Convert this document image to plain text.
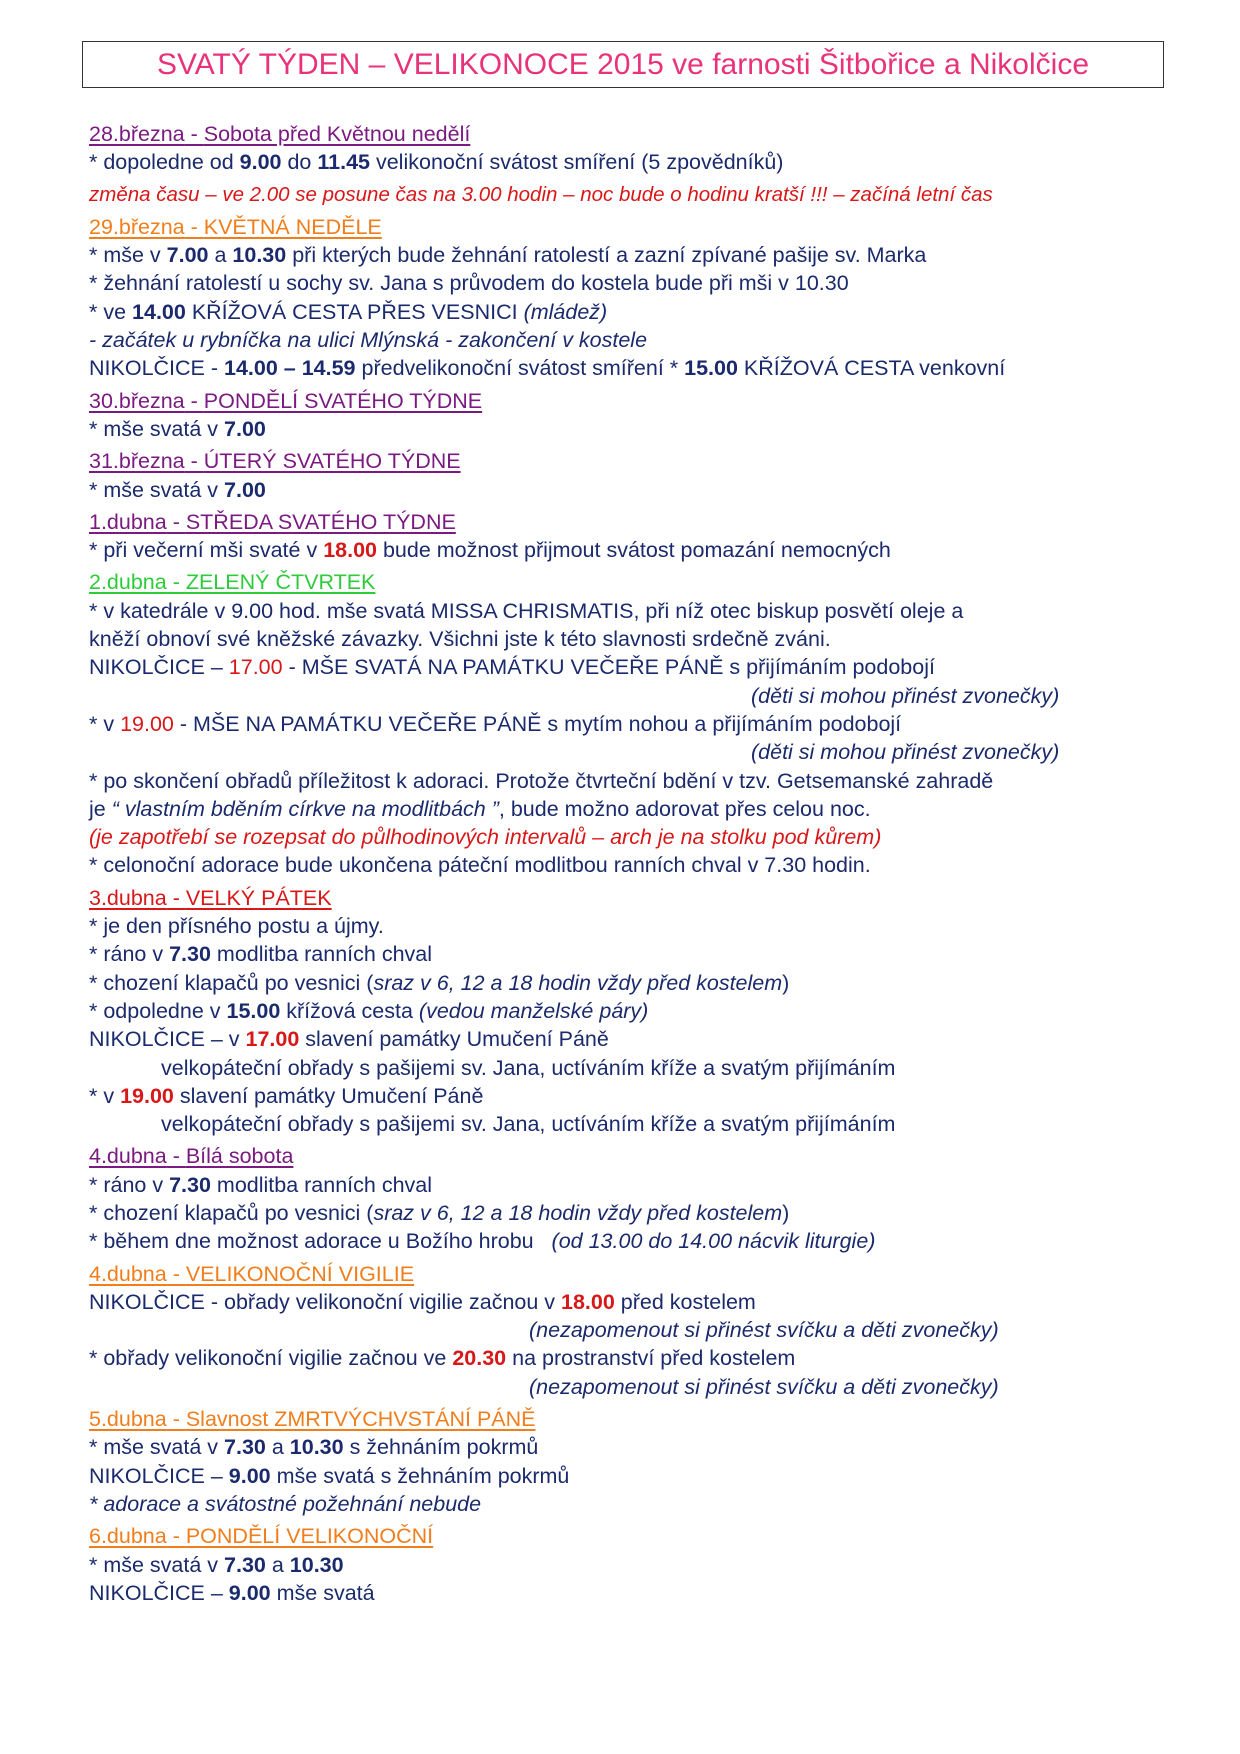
SVATÝ TÝDEN – VELIKONOCE 2015 ve farnosti Šitbořice a Nikolčice
28.března - Sobota před Květnou nedělí
* dopoledne od 9.00 do 11.45 velikonoční svátost smíření (5 zpovědníků)
změna času – ve 2.00 se posune čas na 3.00 hodin – noc bude o hodinu kratší !!! – začíná letní čas
29.března - KVĚTNÁ NEDĚLE
* mše v 7.00 a 10.30 při kterých bude žehnání ratolestí a zazní zpívané pašije sv. Marka
* žehnání ratolestí u sochy sv. Jana s průvodem do kostela bude při mši v 10.30
* ve 14.00 KŘÍŽOVÁ CESTA PŘES VESNICI (mládež)
- začátek u rybníčka na ulici Mlýnská - zakončení v kostele
NIKOLČICE - 14.00 – 14.59 předvelikonoční svátost smíření * 15.00 KŘÍŽOVÁ CESTA venkovní
30.března - PONDĚLÍ SVATÉHO TÝDNE
* mše svatá v 7.00
31.března - ÚTERÝ SVATÉHO TÝDNE
* mše svatá v 7.00
1.dubna - STŘEDA SVATÉHO TÝDNE
* při večerní mši svaté v 18.00 bude možnost přijmout svátost pomazání nemocných
2.dubna - ZELENÝ ČTVRTEK
* v katedrále v 9.00 hod. mše svatá MISSA CHRISMATIS, při níž otec biskup posvětí oleje a
kněží obnoví své kněžské závazky. Všichni jste k této slavnosti srdečně zváni.
NIKOLČICE – 17.00 - MŠE SVATÁ NA PAMÁTKU VEČEŘE PÁNĚ s přijímáním podobojí
(děti si mohou přinést zvonečky)
* v 19.00 - MŠE NA PAMÁTKU VEČEŘE PÁNĚ s mytím nohou a přijímáním podobojí
(děti si mohou přinést zvonečky)
* po skončení obřadů příležitost k adoraci. Protože čtvrteční bdění v tzv. Getsemanské zahradě
je “ vlastním bděním církve na modlitbách ”, bude možno adorovat přes celou noc.
(je zapotřebí se rozepsat do půlhodinových intervalů – arch je na stolku pod kůrem)
* celonoční adorace bude ukončena páteční modlitbou ranních chval v 7.30 hodin.
3.dubna - VELKÝ PÁTEK
* je den přísného postu a újmy.
* ráno v 7.30 modlitba ranních chval
* chození klapačů po vesnici (sraz v 6, 12 a 18 hodin vždy před kostelem)
* odpoledne v 15.00 křížová cesta (vedou manželské páry)
NIKOLČICE – v 17.00 slavení památky Umučení Páně
velkopáteční obřady s pašijemi sv. Jana, uctíváním kříže a svatým přijímáním
* v 19.00 slavení památky Umučení Páně
velkopáteční obřady s pašijemi sv. Jana, uctíváním kříže a svatým přijímáním
4.dubna - Bílá sobota
* ráno v 7.30 modlitba ranních chval
* chození klapačů po vesnici (sraz v 6, 12 a 18 hodin vždy před kostelem)
* během dne možnost adorace u Božího hrobu   (od 13.00 do 14.00 nácvik liturgie)
4.dubna - VELIKONOČNÍ VIGILIE
NIKOLČICE - obřady velikonoční vigilie začnou v 18.00 před kostelem
(nezapomenout si přinést svíčku a děti zvonečky)
* obřady velikonoční vigilie začnou ve 20.30 na prostranství před kostelem
(nezapomenout si přinést svíčku a děti zvonečky)
5.dubna - Slavnost ZMRTVÝCHVSTÁNÍ PÁNĚ
* mše svatá v 7.30 a 10.30 s žehnáním pokrmů
NIKOLČICE – 9.00 mše svatá s žehnáním pokrmů
* adorace a svátostné požehnání nebude
6.dubna - PONDĚLÍ VELIKONOČNÍ
* mše svatá v 7.30 a 10.30
NIKOLČICE – 9.00 mše svatá
